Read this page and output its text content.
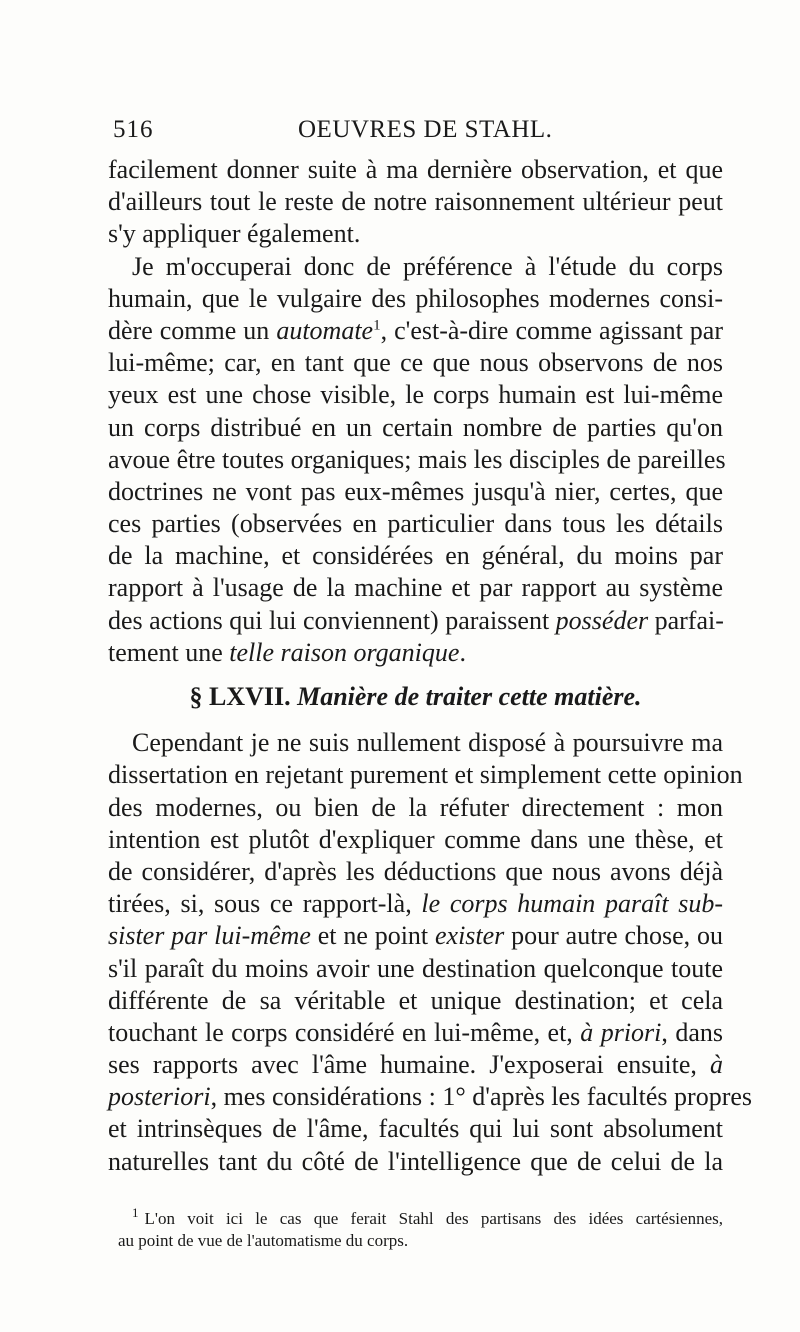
516	OEUVRES DE STAHL.
facilement donner suite à ma dernière observation, et que
d'ailleurs tout le reste de notre raisonnement ultérieur peut
s'y appliquer également.
Je m'occuperai donc de préférence à l'étude du corps
humain, que le vulgaire des philosophes modernes consi-
dère comme un automate$^1$, c'est-à-dire comme agissant par
lui-même; car, en tant que ce que nous observons de nos
yeux est une chose visible, le corps humain est lui-même
un corps distribué en un certain nombre de parties qu'on
avoue être toutes organiques; mais les disciples de pareilles
doctrines ne vont pas eux-mêmes jusqu'à nier, certes, que
ces parties (observées en particulier dans tous les détails
de la machine, et considérées en général, du moins par
rapport à l'usage de la machine et par rapport au système
des actions qui lui conviennent) paraissent posséder parfai-
tement une telle raison organique.
§ LXVII. Manière de traiter cette matière.
Cependant je ne suis nullement disposé à poursuivre ma
dissertation en rejetant purement et simplement cette opinion
des modernes, ou bien de la réfuter directement : mon
intention est plutôt d'expliquer comme dans une thèse, et
de considérer, d'après les déductions que nous avons déjà
tirées, si, sous ce rapport-là, le corps humain paraît sub-
sister par lui-même et ne point exister pour autre chose, ou
s'il paraît du moins avoir une destination quelconque toute
différente de sa véritable et unique destination; et cela
touchant le corps considéré en lui-même, et, à priori, dans
ses rapports avec l'âme humaine. J'exposerai ensuite, à
posteriori, mes considérations : 1° d'après les facultés propres
et intrinsèques de l'âme, facultés qui lui sont absolument
naturelles tant du côté de l'intelligence que de celui de la
$^1$ L'on voit ici le cas que ferait Stahl des partisans des idées cartésiennes,
au point de vue de l'automatisme du corps.
